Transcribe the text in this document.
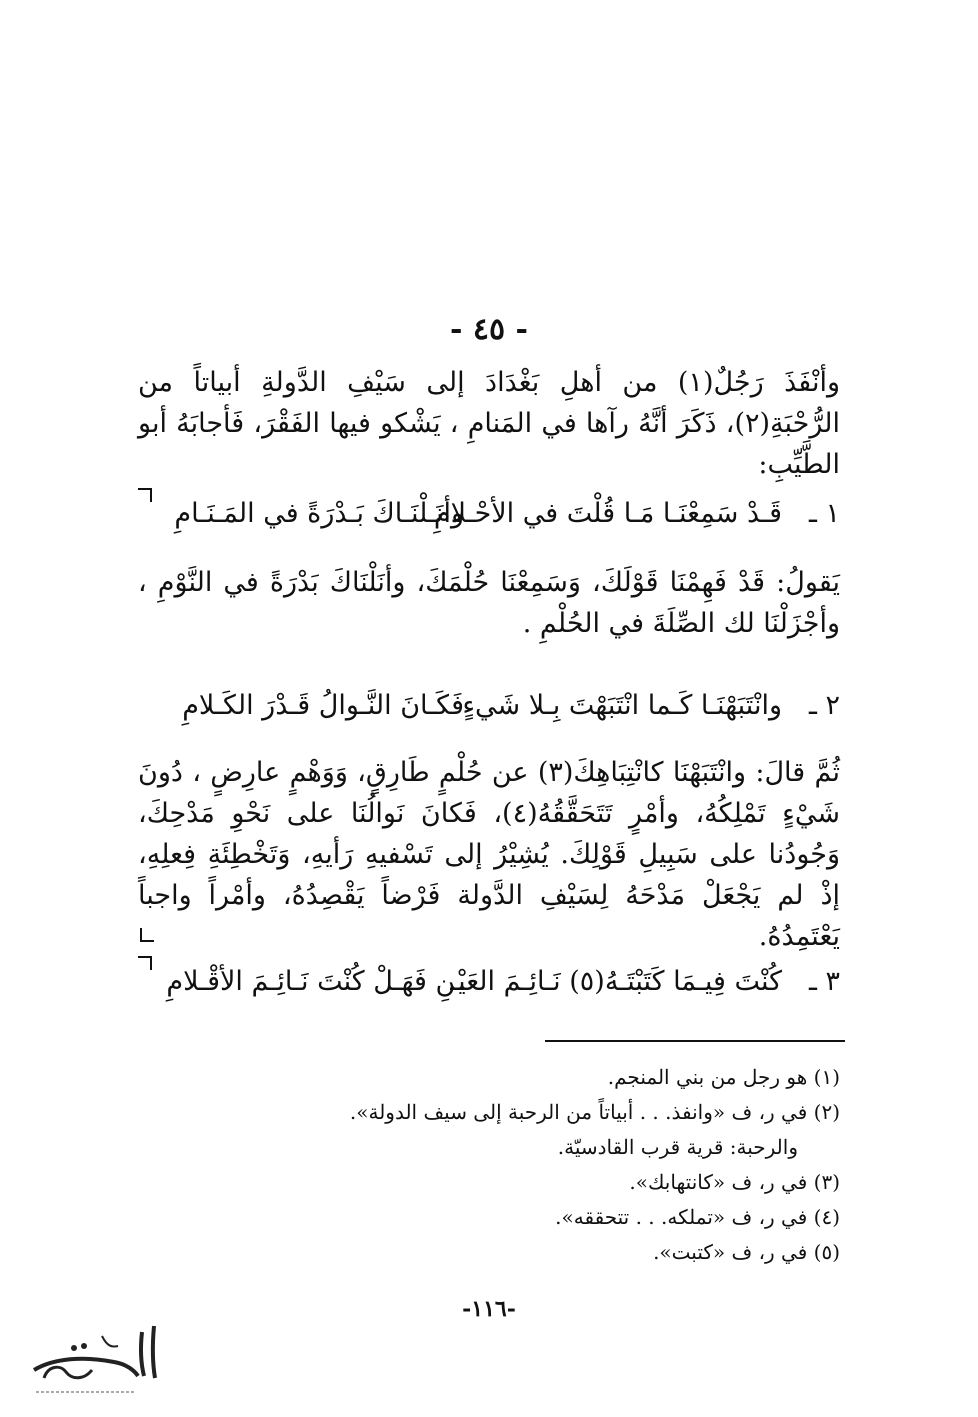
- ٤٥ -
وأنْفَذَ رَجُلٌ(١) من أهلِ بَغْدَادَ إلى سَيْفِ الدَّولةِ أبياتاً من الرُّحْبَةِ(٢)، ذَكَرَ أنَّهُ رآها في المَنامِ ، يَشْكو فيها الفَقْرَ، فَأجابَهُ أبو الطَّيِّبِ:
١ ـقَـدْ سَمِعْنَـا مَـا قُلْتَ في الأحْـلامِوأنَـلْنَـاكَ بَـدْرَةً في المَـنَـامِ
يَقولُ: قَدْ فَهِمْنَا قَوْلَكَ، وَسَمِعْنَا حُلْمَكَ، وأنَلْنَاكَ بَدْرَةً في النَّوْمِ ، وأجْزَلْنَا لك الصِّلَةَ في الحُلْمِ .
٢ ـوانْتَبَهْنَـا كَـما انْتَبَهْتَ بِـلا شَيءٍفَكَـانَ النَّـوالُ قَـدْرَ الكَـلامِ
ثُمَّ قالَ: وانْتَبَهْنَا كانْتِبَاهِكَ(٣) عن حُلْمٍ طَارِقٍ، وَوَهْمٍ عارِضٍ ، دُونَ شَيْءٍ تَمْلِكُهُ، وأمْرٍ تَتَحَقَّقُهُ(٤)، فَكانَ نَوالُنَا على نَحْوِ مَدْحِكَ، وَجُودُنا على سَبِيلِ قَوْلِكَ. يُشِيْرُ إلى تَسْفيهِ رَأيهِ، وَتَخْطِئَةِ فِعلِهِ، إذْ لم يَجْعَلْ مَدْحَهُ لِسَيْفِ الدَّولة فَرْضاً يَقْصِدُهُ، وأمْراً واجباً يَعْتَمِدُهُ.
٣ ـكُنْتَ فِيـمَا كَتَبْتَـهُ(٥) نَـائِـمَ العَيْــنِ فَهَـلْ كُنْتَ نَـائِـمَ الأقْـلامِ
(١) هو رجل من بني المنجم.
(٢) في ر، ف «وانفذ. . . أبياتاً من الرحبة إلى سيف الدولة».
والرحبة: قرية قرب القادسيّة.
(٣) في ر، ف «كانتهابك».
(٤) في ر، ف «تملكه. . . تتحققه».
(٥) في ر، ف «كتبت».
-١١٦-
